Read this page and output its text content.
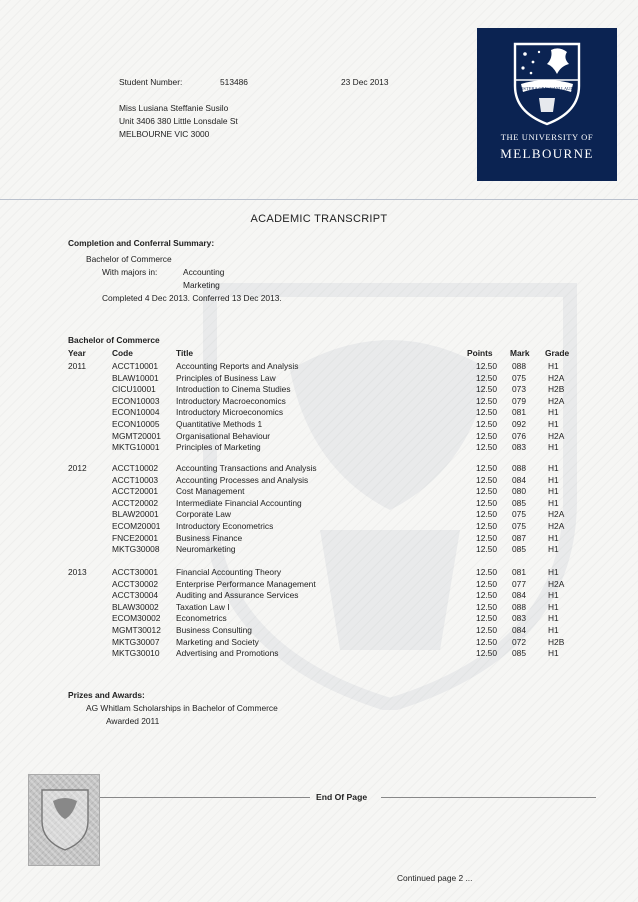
Student Number:	513486	23 Dec 2013
Miss Lusiana Steffanie Susilo
Unit 3406 380 Little Lonsdale St
MELBOURNE VIC 3000
POSTERA CRESCAM LAUDE
THE UNIVERSITY OF
MELBOURNE
ACADEMIC TRANSCRIPT
Completion and Conferral Summary:
Bachelor of Commerce
With majors in:	Accounting
Marketing
Completed 4 Dec 2013. Conferred 13 Dec 2013.
Bachelor of Commerce
Year	Code	Title	Points Mark Grade
2011	ACCT10001 Accounting Reports and Analysis	12.50 088	H1
BLAW10001 Principles of Business Law	12.50 075	H2A
CICU10001 Introduction to Cinema Studies	12.50 073	H2B
ECON10003 Introductory Macroeconomics	12.50 079	H2A
ECON10004 Introductory Microeconomics	12.50 081	H1
ECON10005 Quantitative Methods 1	12.50 092	H1
MGMT20001 Organisational Behaviour	12.50 076	H2A
MKTG10001 Principles of Marketing	12.50 083	H1
2012	ACCT10002 Accounting Transactions and Analysis	12.50 088	H1
ACCT10003 Accounting Processes and Analysis	12.50 084	H1
ACCT20001 Cost Management	12.50 080	H1
ACCT20002 Intermediate Financial Accounting	12.50 085	H1
BLAW20001 Corporate Law	12.50 075	H2A
ECOM20001 Introductory Econometrics	12.50 075	H2A
FNCE20001 Business Finance	12.50 087	H1
MKTG30008 Neuromarketing	12.50 085	H1
2013	ACCT30001 Financial Accounting Theory	12.50 081	H1
ACCT30002 Enterprise Performance Management	12.50 077	H2A
ACCT30004 Auditing and Assurance Services	12.50 084	H1
BLAW30002 Taxation Law I	12.50 088	H1
ECOM30002 Econometrics	12.50 083	H1
MGMT30012 Business Consulting	12.50 084	H1
MKTG30007 Marketing and Society	12.50 072	H2B
MKTG30010 Advertising and Promotions	12.50 085	H1
Prizes and Awards:
AG Whitlam Scholarships in Bachelor of Commerce
Awarded 2011
End Of Page
Continued page 2 ...
